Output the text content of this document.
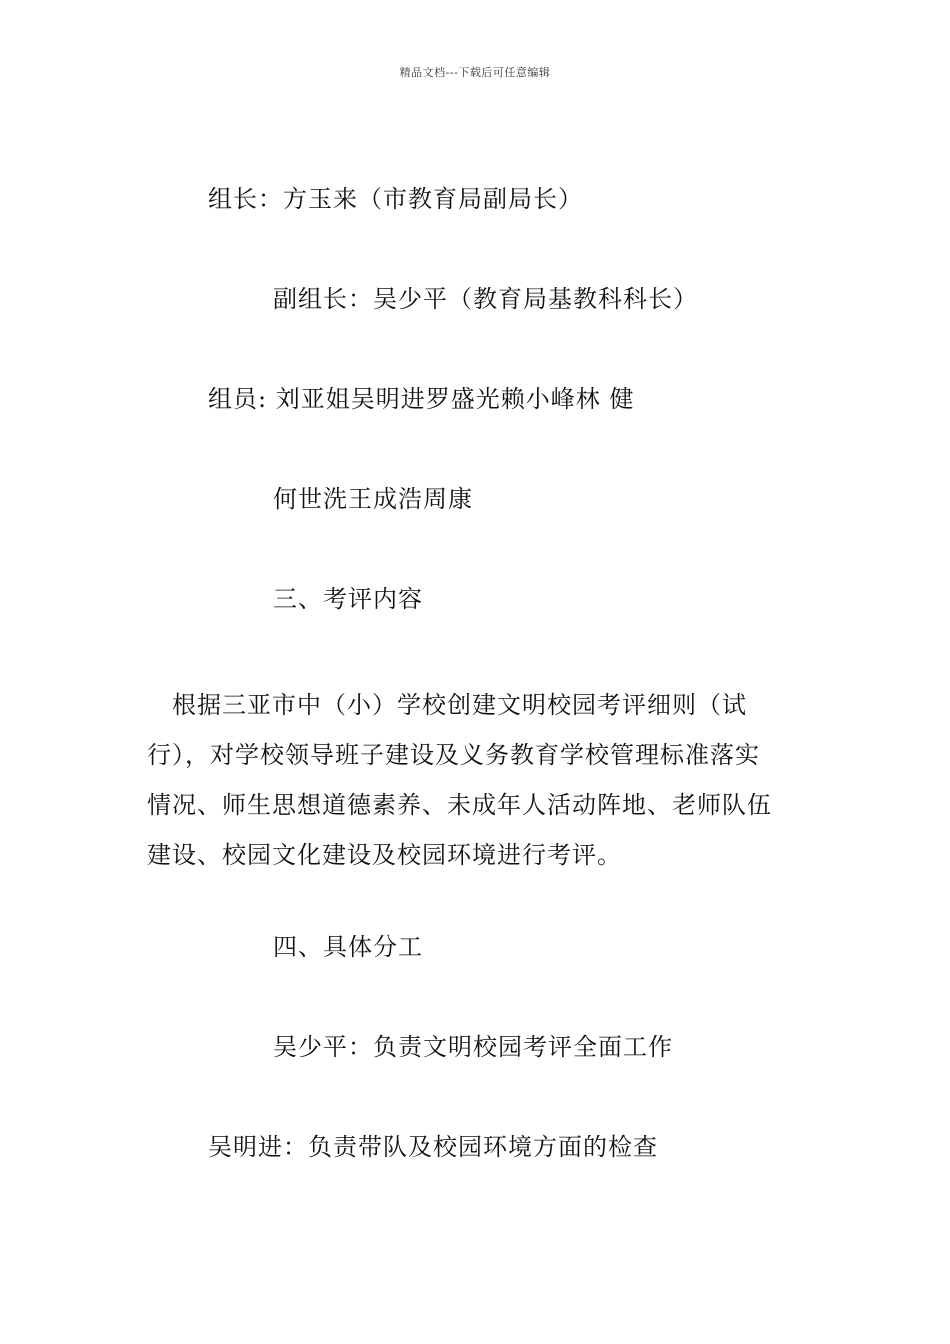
精品文档---下载后可任意编辑
组长：方玉来（市教育局副局长）
副组长：吴少平（教育局基教科科长）
组员: 刘亚姐吴明进罗盛光赖小峰林 健
何世洗王成浩周康
三、考评内容
　根据三亚市中（小）学校创建文明校园考评细则（试
行），对学校领导班子建设及义务教育学校管理标准落实
情况、师生思想道德素养、未成年人活动阵地、老师队伍
建设、校园文化建设及校园环境进行考评。
四、具体分工
吴少平：负责文明校园考评全面工作
吴明进：负责带队及校园环境方面的检查
